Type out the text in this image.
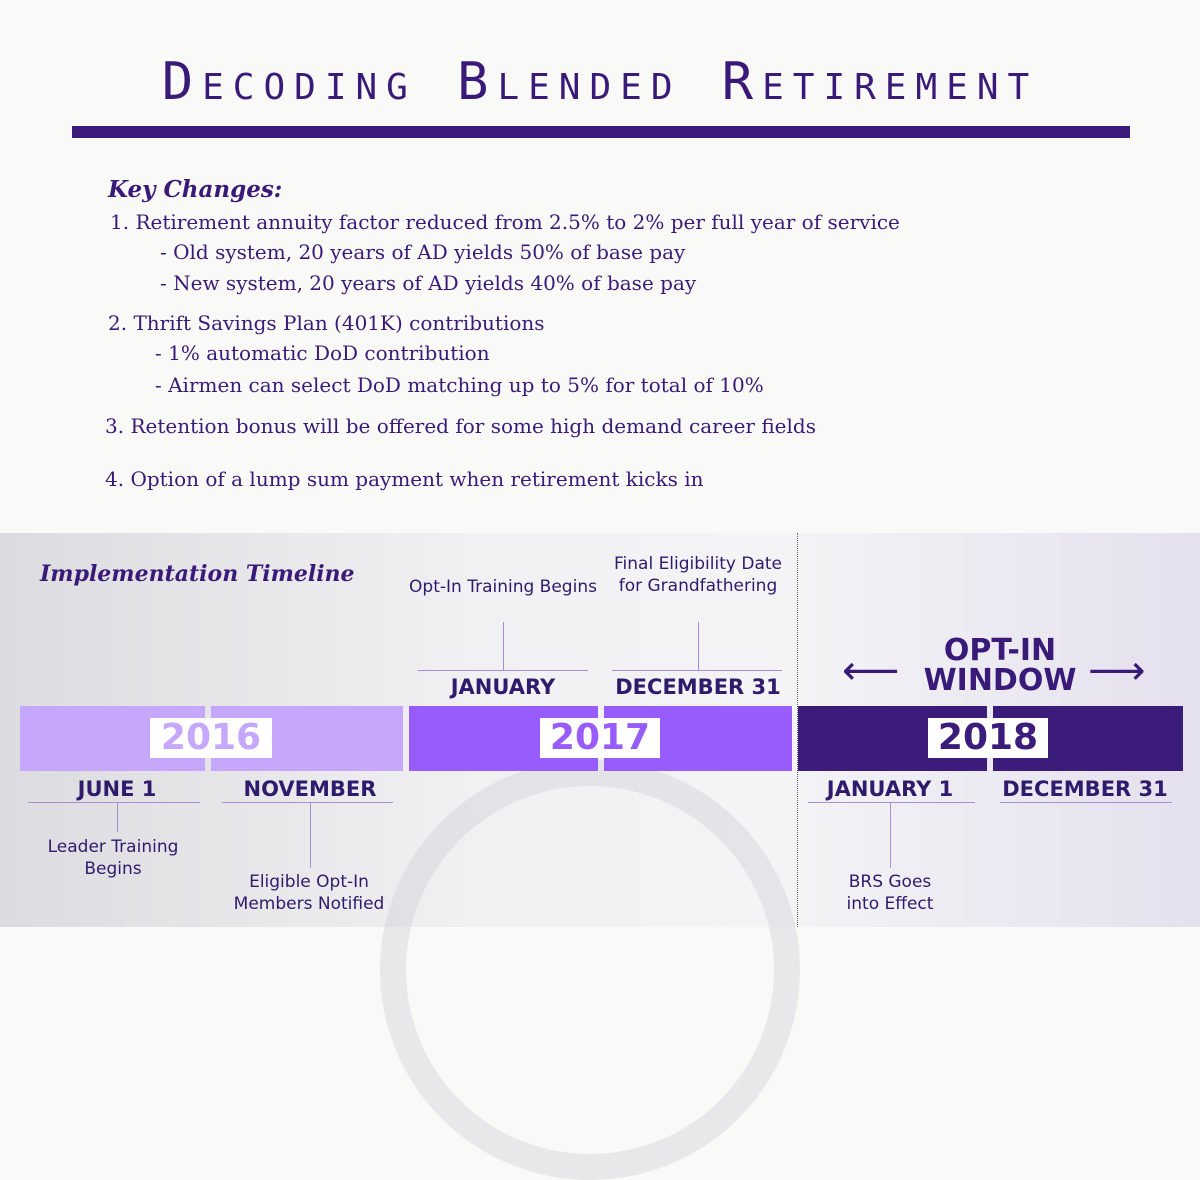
Decoding Blended Retirement
Key Changes:
1. Retirement annuity factor reduced from 2.5% to 2% per full year of service
- Old system, 20 years of AD yields 50% of base pay
- New system, 20 years of AD yields 40% of base pay
2. Thrift Savings Plan (401K) contributions
- 1% automatic DoD contribution
- Airmen can select DoD matching up to 5% for total of 10%
3. Retention bonus will be offered for some high demand career fields
4. Option of a lump sum payment when retirement kicks in
Implementation Timeline
2016	2017	2018
Opt-In Training Begins
JANUARY
Final Eligibility Date for Grandfathering
DECEMBER 31 ⟵	OPT-IN
WINDOW ⟶
JUNE 1
Leader Training Begins
NOVEMBER
Eligible Opt-In Members Notified
JANUARY 1
BRS Goes into Effect
DECEMBER 31
